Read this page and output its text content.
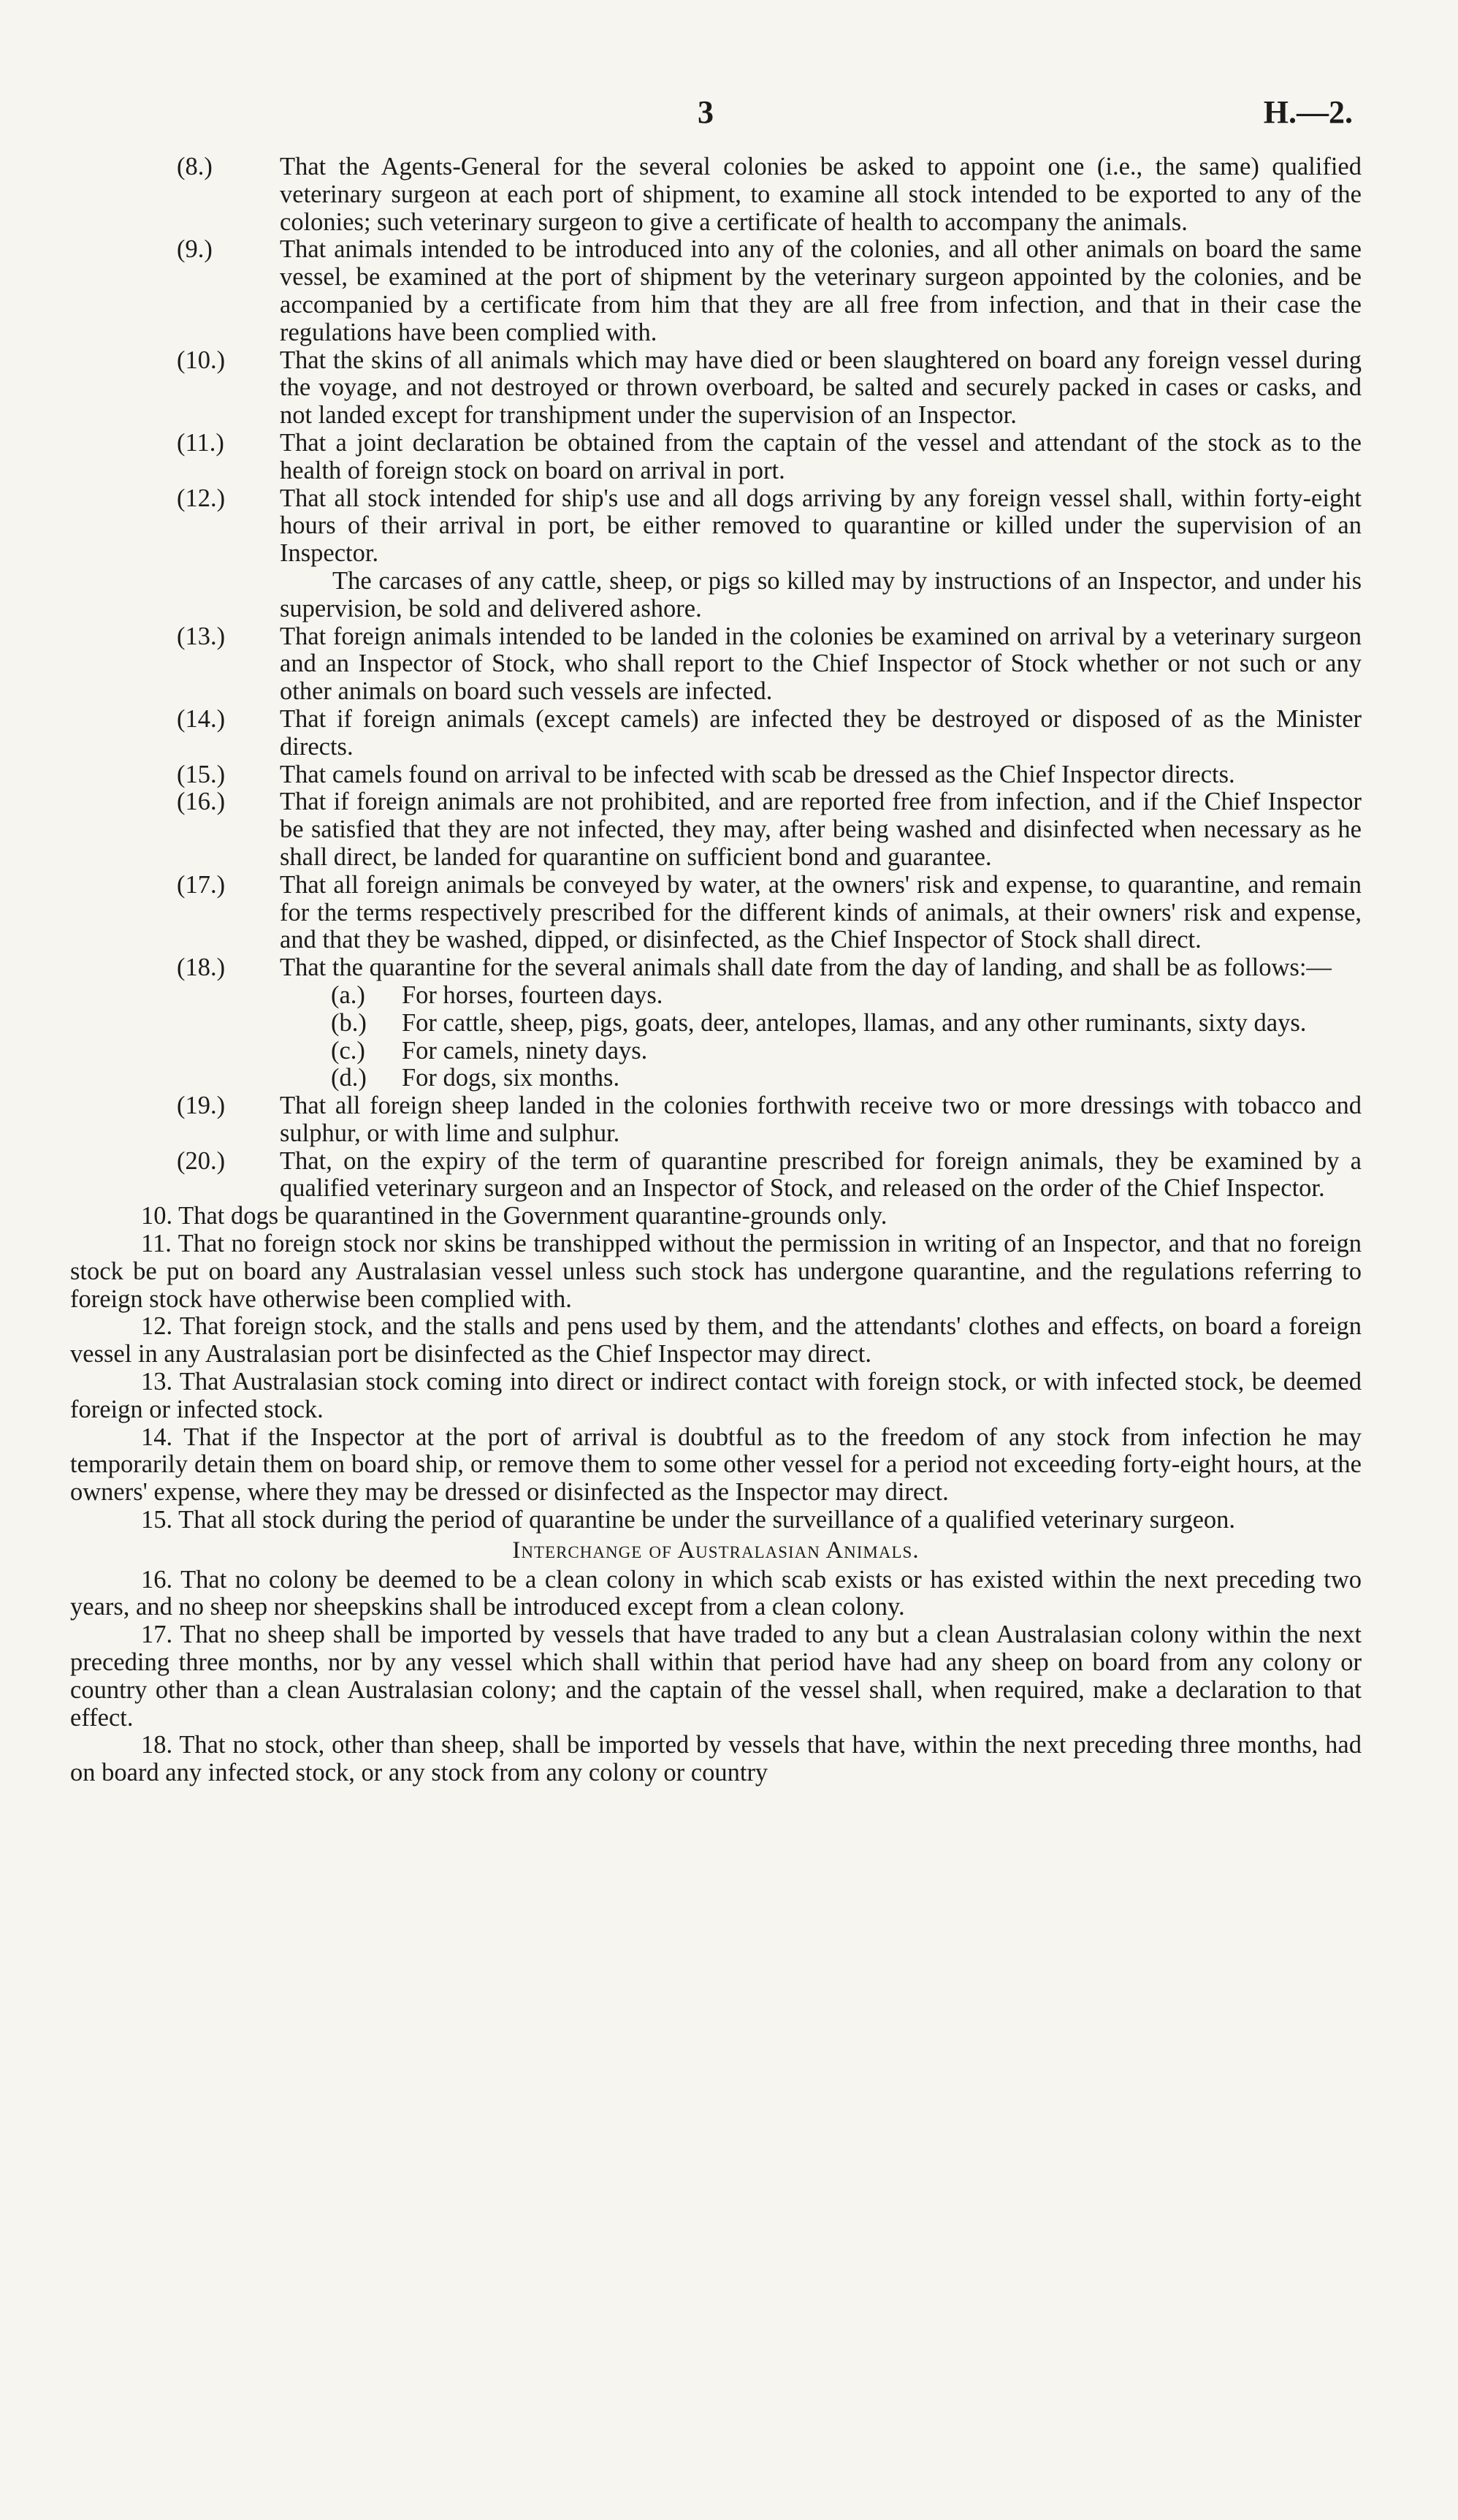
3	H.—2.
(8.)	That the Agents-General for the several colonies be asked to appoint one (i.e., the same) qualified veterinary surgeon at each port of shipment, to examine all stock intended to be exported to any of the colonies; such veterinary surgeon to give a certificate of health to accompany the animals.

(9.)	That animals intended to be introduced into any of the colonies, and all other animals on board the same vessel, be examined at the port of shipment by the veterinary surgeon appointed by the colonies, and be accompanied by a certificate from him that they are all free from infection, and that in their case the regulations have been complied with.

(10.) That the skins of all animals which may have died or been slaughtered on board any foreign vessel during the voyage, and not destroyed or thrown overboard, be salted and securely packed in cases or casks, and not landed except for transhipment under the supervision of an Inspector.

(11.) That a joint declaration be obtained from the captain of the vessel and attendant of the stock as to the health of foreign stock on board on arrival in port.

(12.) That all stock intended for ship's use and all dogs arriving by any foreign vessel shall, within forty-eight hours of their arrival in port, be either removed to quarantine or killed under the supervision of an Inspector.

The carcases of any cattle, sheep, or pigs so killed may by instructions of an Inspector, and under his supervision, be sold and delivered ashore.

(13.) That foreign animals intended to be landed in the colonies be examined on arrival by a veterinary surgeon and an Inspector of Stock, who shall report to the Chief Inspector of Stock whether or not such or any other animals on board such vessels are infected.

(14.) That if foreign animals (except camels) are infected they be destroyed or disposed of as the Minister directs.

(15.) That camels found on arrival to be infected with scab be dressed as the Chief Inspector directs.

(16.) That if foreign animals are not prohibited, and are reported free from infection, and if the Chief Inspector be satisfied that they are not infected, they may, after being washed and disinfected when necessary as he shall direct, be landed for quarantine on sufficient bond and guarantee.

(17.) That all foreign animals be conveyed by water, at the owners' risk and expense, to quarantine, and remain for the terms respectively prescribed for the different kinds of animals, at their owners' risk and expense, and that they be washed, dipped, or disinfected, as the Chief Inspector of Stock shall direct.

(18.) That the quarantine for the several animals shall date from the day of landing, and shall be as follows:—

(a.) For horses, fourteen days.

(b.) For cattle, sheep, pigs, goats, deer, antelopes, llamas, and any other ruminants, sixty days.

(c.) For camels, ninety days.

(d.) For dogs, six months.

(19.) That all foreign sheep landed in the colonies forthwith receive two or more dressings with tobacco and sulphur, or with lime and sulphur.

(20.) That, on the expiry of the term of quarantine prescribed for foreign animals, they be examined by a qualified veterinary surgeon and an Inspector of Stock, and released on the order of the Chief Inspector.

10. That dogs be quarantined in the Government quarantine-grounds only.

11. That no foreign stock nor skins be transhipped without the permission in writing of an Inspector, and that no foreign stock be put on board any Australasian vessel unless such stock has undergone quarantine, and the regulations referring to foreign stock have otherwise been complied with.

12. That foreign stock, and the stalls and pens used by them, and the attendants' clothes and effects, on board a foreign vessel in any Australasian port be disinfected as the Chief Inspector may direct.

13. That Australasian stock coming into direct or indirect contact with foreign stock, or with infected stock, be deemed foreign or infected stock.

14. That if the Inspector at the port of arrival is doubtful as to the freedom of any stock from infection he may temporarily detain them on board ship, or remove them to some other vessel for a period not exceeding forty-eight hours, at the owners' expense, where they may be dressed or disinfected as the Inspector may direct.

15. That all stock during the period of quarantine be under the surveillance of a qualified veterinary surgeon.

Interchange of Australasian Animals.

16. That no colony be deemed to be a clean colony in which scab exists or has existed within the next preceding two years, and no sheep nor sheepskins shall be introduced except from a clean colony.

17. That no sheep shall be imported by vessels that have traded to any but a clean Australasian colony within the next preceding three months, nor by any vessel which shall within that period have had any sheep on board from any colony or country other than a clean Australasian colony; and the captain of the vessel shall, when required, make a declaration to that effect.

18. That no stock, other than sheep, shall be imported by vessels that have, within the next preceding three months, had on board any infected stock, or any stock from any colony or country
